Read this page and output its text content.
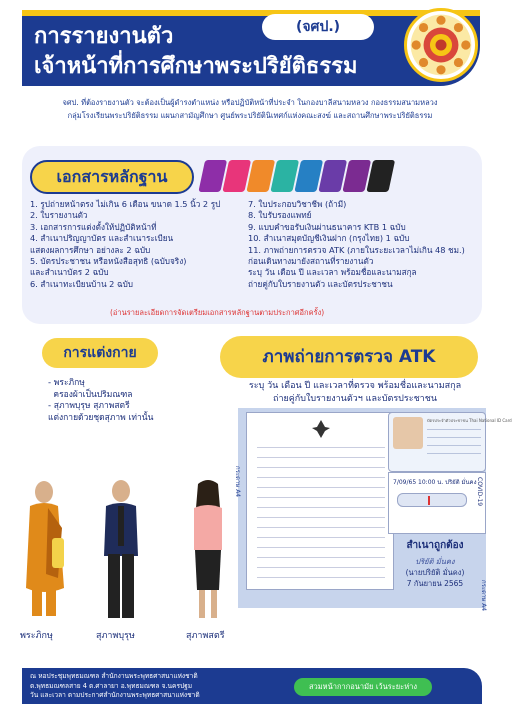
การรายงานตัว
เจ้าหน้าที่การศึกษาพระปริยัติธรรม
(จศป.)
จศป. ที่ต้องรายงานตัว จะต้องเป็นผู้ดำรงตำแหน่ง หรือปฏิบัติหน้าที่ประจำ ในกองบาลีสนามหลวง กองธรรมสนามหลวง
กลุ่มโรงเรียนพระปริยัติธรรม แผนกสามัญศึกษา ศูนย์พระปริยัตินิเทศก์แห่งคณะสงฆ์ และสถานศึกษาพระปริยัติธรรม
เอกสารหลักฐาน
1. รูปถ่ายหน้าตรง ไม่เกิน 6 เดือน ขนาด 1.5 นิ้ว 2 รูป
2. ใบรายงานตัว
3. เอกสารการแต่งตั้งให้ปฏิบัติหน้าที่
4. สำเนาปริญญาบัตร และสำเนาระเบียน
แสดงผลการศึกษา อย่างละ 2 ฉบับ
5. บัตรประชาชน หรือหนังสือสุทธิ (ฉบับจริง)
และสำเนาบัตร 2 ฉบับ
6. สำเนาทะเบียนบ้าน 2 ฉบับ
7. ใบประกอบวิชาชีพ (ถ้ามี)
8. ใบรับรองแพทย์
9. แบบคำขอรับเงินผ่านธนาคาร KTB 1 ฉบับ
10. สำเนาสมุดบัญชีเงินฝาก (กรุงไทย) 1 ฉบับ
11. ภาพถ่ายการตรวจ ATK (ภายในระยะเวลาไม่เกิน 48 ชม.)
ก่อนเดินทางมายังสถานที่รายงานตัว
ระบุ วัน เดือน ปี และเวลา พร้อมชื่อและนามสกุล
ถ่ายคู่กับใบรายงานตัว และบัตรประชาชน
(อ่านรายละเอียดการจัดเตรียมเอกสารหลักฐานตามประกาศอีกครั้ง)
การแต่งกาย
- พระภิกษุ
ครองผ้าเป็นปริมณฑล
- สุภาพบุรุษ สุภาพสตรี
แต่งกายด้วยชุดสุภาพ เท่านั้น
พระภิกษุ	สุภาพบุรุษ	สุภาพสตรี
ภาพถ่ายการตรวจ ATK
ระบุ วัน เดือน ปี และเวลาที่ตรวจ พร้อมชื่อและนามสกุล
ถ่ายคู่กับใบรายงานตัวฯ และบัตรประชาชน
กระดาษ A4
กระดาษ A4
บัตรประจำตัวประชาชน Thai National ID Card
7/09/65 10:00 น. ปริยัติ มั่นคง COVID-19
สำเนาถูกต้อง
ปริยัติ มั่นคง
(นายปริยัติ มั่นคง)
7 กันยายน 2565
ณ หอประชุมพุทธมณฑล สำนักงานพระพุทธศาสนาแห่งชาติ
ต.พุทธมณฑลสาย 4 ต.ศาลายา อ.พุทธมณฑล จ.นครปฐม
วัน และเวลา ตามประกาศสำนักงานพระพุทธศาสนาแห่งชาติ
สวมหน้ากากอนามัย เว้นระยะห่าง
